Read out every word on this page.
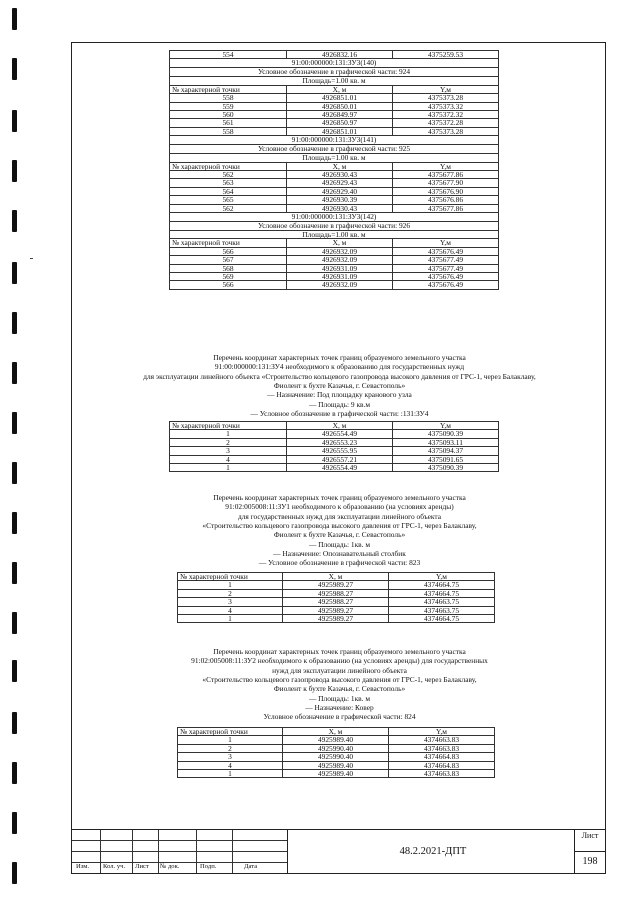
554	4926832.16	4375259.53
91:00:000000:131:ЗУ3(140)		
Условное обозначение в графической части: 924		
Площадь=1.00 кв. м		
№ характерной точки	X, м	Y,м
558	4926851.01	4375373.28
559	4926850.01	4375373.32
560	4926849.97	4375372.32
561	4926850.97	4375372.28
558	4926851.01	4375373.28
91:00:000000:131:ЗУ3(141)		
Условное обозначение в графической части: 925		
Площадь=1.00 кв. м		
№ характерной точки	X, м	Y,м
562	4926930.43	4375677.86
563	4926929.43	4375677.90
564	4926929.40	4375676.90
565	4926930.39	4375676.86
562	4926930.43	4375677.86
91:00:000000:131:ЗУ3(142)		
Условное обозначение в графической части: 926		
Площадь=1.00 кв. м		
№ характерной точки	X, м	Y,м
566	4926932.09	4375676.49
567	4926932.09	4375677.49
568	4926931.09	4375677.49
569	4926931.09	4375676.49
566	4926932.09	4375676.49
Перечень координат характерных точек границ образуемого земельного участка
91:00:000000:131:ЗУ4 необходимого к образованию для государственных нужд
для эксплуатации линейного объекта «Строительство кольцевого газопровода высокого давления от ГРС-1, через Балаклаву,
Фиолент к бухте Казачья, г. Севастополь»
— Назначение: Под площадку кранового узла
— Площадь: 9 кв.м
— Условное обозначение в графической части: :131:ЗУ4
№ характерной точки	X, м	Y,м
1	4926554.49	4375090.39
2	4926553.23	4375093.11
3	4926555.95	4375094.37
4	4926557.21	4375091.65
1	4926554.49	4375090.39
Перечень координат характерных точек границ образуемого земельного участка
91:02:005008:11:ЗУ1 необходимого к образованию (на условиях аренды)
для государственных нужд для эксплуатации линейного объекта
«Строительство кольцевого газопровода высокого давления от ГРС-1, через Балаклаву,
Фиолент к бухте Казачья, г. Севастополь»
— Площадь: 1кв. м
— Назначение: Опознавательный столбик
— Условное обозначение в графической части: 823
№ характерной точки	X, м	Y,м
1	4925989.27	4374664.75
2	4925988.27	4374664.75
3	4925988.27	4374663.75
4	4925989.27	4374663.75
1	4925989.27	4374664.75
Перечень координат характерных точек границ образуемого земельного участка
91:02:005008:11:ЗУ2 необходимого к образованию (на условиях аренды) для государственных
нужд для эксплуатации линейного объекта
«Строительство кольцевого газопровода высокого давления от ГРС-1, через Балаклаву,
Фиолент к бухте Казачья, г. Севастополь»
— Площадь: 1кв. м
— Назначение: Ковер
Условное обозначение в графической части: 824
№ характерной точки	X, м	Y,м
1	4925989.40	4374663.83
2	4925990.40	4374663.83
3	4925990.40	4374664.83
4	4925989.40	4374664.83
1	4925989.40	4374663.83
Изм. Кол. уч. Лист № док.	Подп.	Дата
48.2.2021-ДПТ
Лист
198
